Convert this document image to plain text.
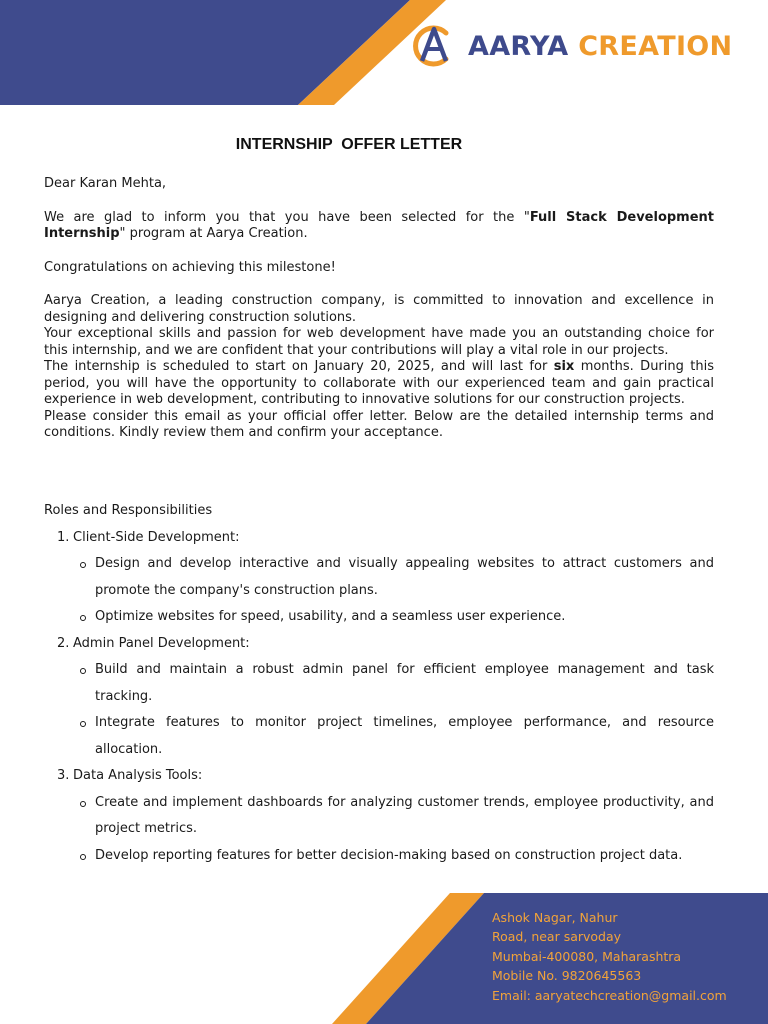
AARYA CREATION
INTERNSHIP  OFFER LETTER

Dear Karan Mehta,

We are glad to inform you that you have been selected for the "Full Stack Development Internship" program at Aarya Creation.

Congratulations on achieving this milestone!

Aarya Creation, a leading construction company, is committed to innovation and excellence in designing and delivering construction solutions.

Your exceptional skills and passion for web development have made you an outstanding choice for this internship, and we are confident that your contributions will play a vital role in our projects.

The internship is scheduled to start on January 20, 2025, and will last for six months. During this period, you will have the opportunity to collaborate with our experienced team and gain practical experience in web development, contributing to innovative solutions for our construction projects.

Please consider this email as your official offer letter. Below are the detailed internship terms and conditions. Kindly review them and confirm your acceptance.

Roles and Responsibilities

1. Client-Side Development:
Design and develop interactive and visually appealing websites to attract customers and promote the company's construction plans.
Optimize websites for speed, usability, and a seamless user experience.
2. Admin Panel Development:
Build and maintain a robust admin panel for efficient employee management and task tracking.
Integrate features to monitor project timelines, employee performance, and resource allocation.
3. Data Analysis Tools:
Create and implement dashboards for analyzing customer trends, employee productivity, and project metrics.
Develop reporting features for better decision-making based on construction project data.
Ashok Nagar, Nahur
Road, near sarvoday
Mumbai-400080, Maharashtra
Mobile No. 9820645563
Email: aaryatechcreation@gmail.com
